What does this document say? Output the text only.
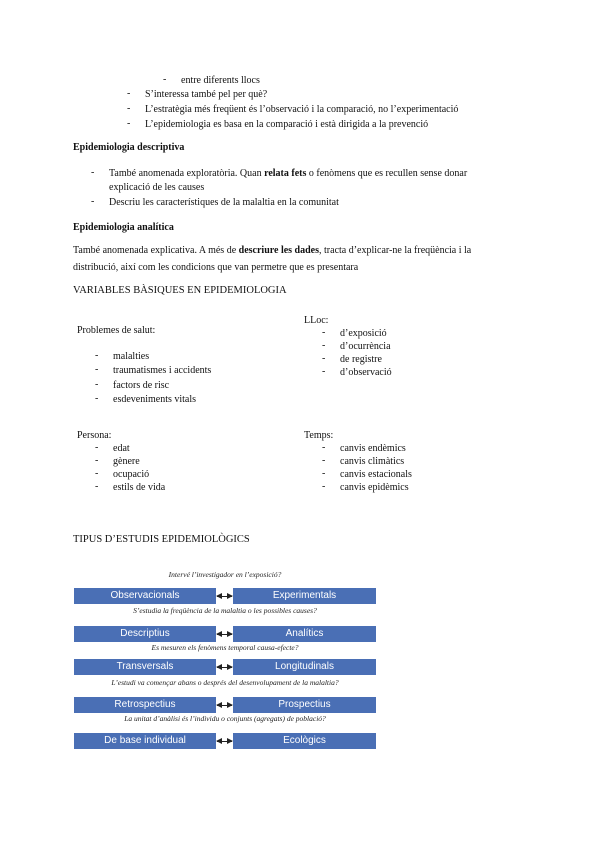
- entre diferents llocs
- S’interessa també pel per què?
- L’estratègia més freqüent és l’observació i la comparació, no l’experimentació
- L’epidemiologia es basa en la comparació i està dirigida a la prevenció
Epidemiologia descriptiva
- També anomenada exploratòria. Quan relata fets o fenòmens que es recullen sense donar
explicació de les causes
- Descriu les característiques de la malaltia en la comunitat
Epidemiologia analítica
També anomenada explicativa. A més de descriure les dades, tracta d’explicar-ne la freqüència i la
distribució, així com les condicions que van permetre que es presentara
VARIABLES BÀSIQUES EN EPIDEMIOLOGIA
Problemes de salut:
- malalties
- traumatismes i accidents
- factors de risc
- esdeveniments vitals
LLoc:
- d’exposició
- d’ocurrència
- de registre
- d’observació
Persona:
- edat
- gènere
- ocupació
- estils de vida
Temps:
- canvis endèmics
- canvis climàtics
- canvis estacionals
- canvis epidèmics
TIPUS D’ESTUDIS EPIDEMIOLÒGICS
Intervé l’investigador en l’exposició?
Observacionals	Experimentals
S’estudia la freqüència de la malaltia o les possibles causes?
Descriptius	Analítics
Es mesuren els fenòmens temporal causa-efecte?
Transversals	Longitudinals
L’estudi va començar abans o després del desenvolupament de la malaltia?
Retrospectius	Prospectius
La unitat d’anàlisi és l’individu o conjunts (agregats) de població?
De base individual	Ecològics
